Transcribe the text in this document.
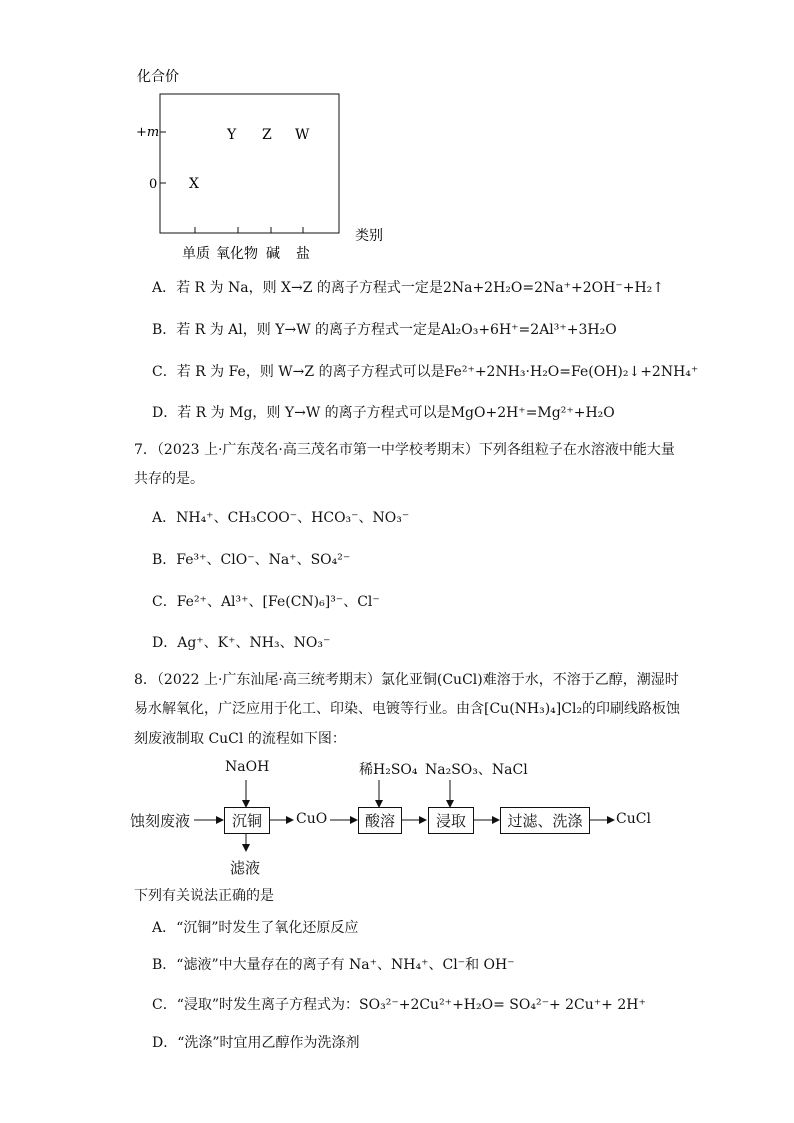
化合价
+m
0
单质 氧化物 碱 盐
类别
X
Y Z W
A．若 R 为 Na，则 X→Z 的离子方程式一定是2Na+2H₂O=2Na⁺+2OH⁻+H₂↑
B．若 R 为 Al，则 Y→W 的离子方程式一定是Al₂O₃+6H⁺=2Al³⁺+3H₂O
C．若 R 为 Fe，则 W→Z 的离子方程式可以是Fe²⁺+2NH₃·H₂O=Fe(OH)₂↓+2NH₄⁺
D．若 R 为 Mg，则 Y→W 的离子方程式可以是MgO+2H⁺=Mg²⁺+H₂O
7．（2023 上·广东茂名·高三茂名市第一中学校考期末）下列各组粒子在水溶液中能大量
共存的是。
A．NH₄⁺、CH₃COO⁻、HCO₃⁻、NO₃⁻
B．Fe³⁺、ClO⁻、Na⁺、SO₄²⁻
C．Fe²⁺、Al³⁺、[Fe(CN)₆]³⁻、Cl⁻
D．Ag⁺、K⁺、NH₃、NO₃⁻
8．（2022 上·广东汕尾·高三统考期末）氯化亚铜(CuCl)难溶于水，不溶于乙醇，潮湿时
易水解氧化，广泛应用于化工、印染、电镀等行业。由含[Cu(NH₃)₄]Cl₂的印刷线路板蚀
刻废液制取 CuCl 的流程如下图：
蚀刻废液
NaOH
沉铜
滤液
CuO
稀H₂SO₄
酸溶
Na₂SO₃、NaCl
浸取	过滤、洗涤	CuCl
下列有关说法正确的是
A．“沉铜”时发生了氧化还原反应
B．“滤液”中大量存在的离子有 Na⁺、NH₄⁺、Cl⁻和 OH⁻
C．“浸取”时发生离子方程式为：SO₃²⁻+2Cu²⁺+H₂O= SO₄²⁻+ 2Cu⁺+ 2H⁺
D．“洗涤”时宜用乙醇作为洗涤剂
